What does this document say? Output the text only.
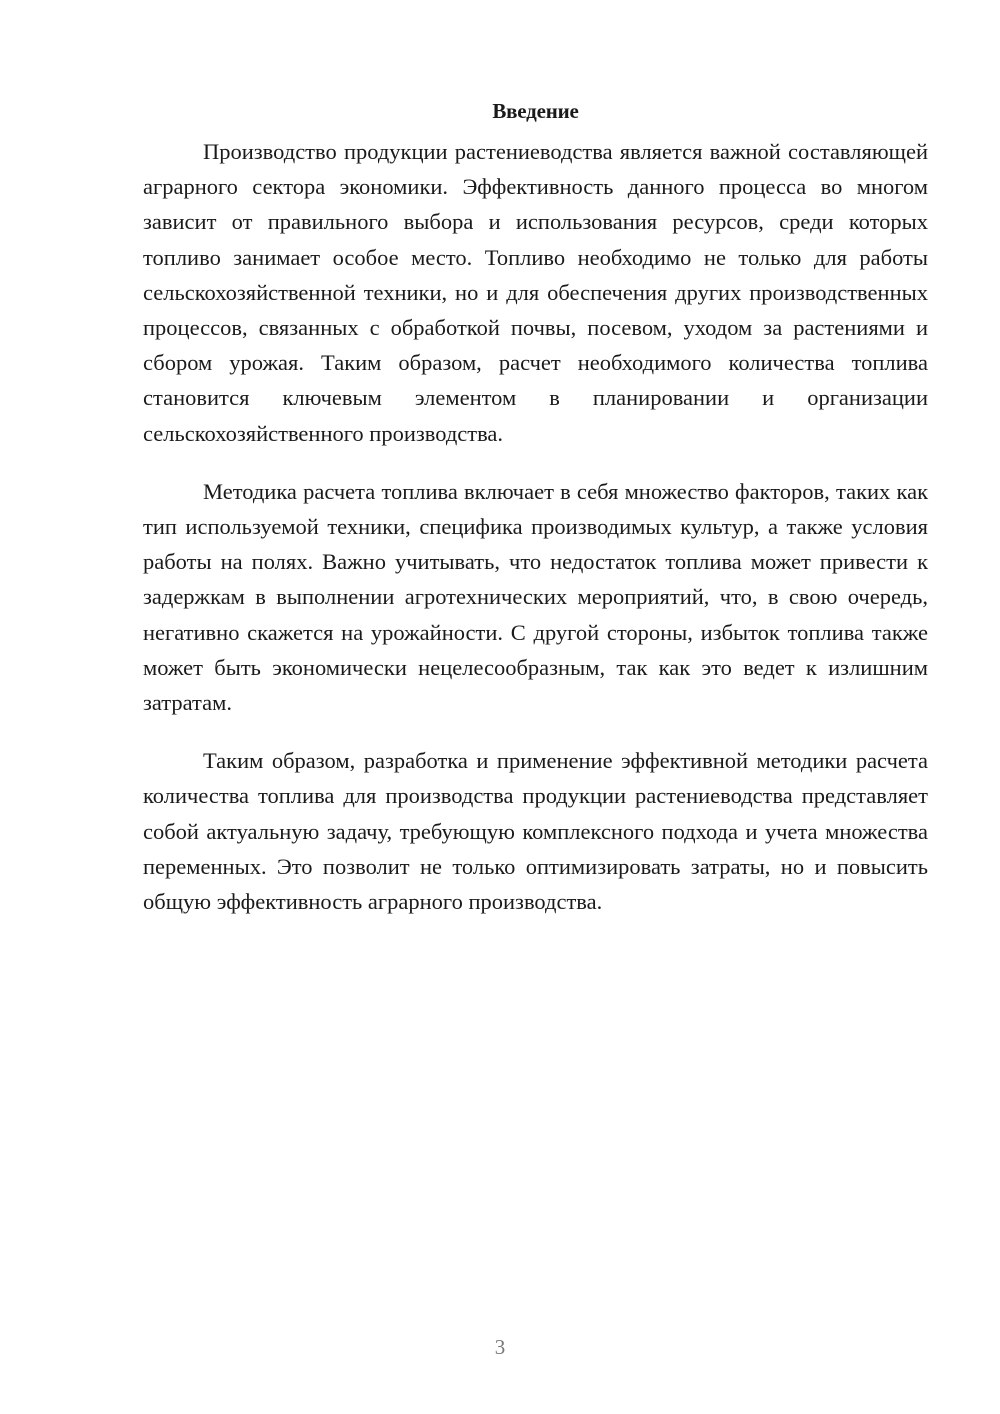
Введение

Производство продукции растениеводства является важной составляющей аграрного сектора экономики. Эффективность данного процесса во многом зависит от правильного выбора и использования ресурсов, среди которых топливо занимает особое место. Топливо необходимо не только для работы сельскохозяйственной техники, но и для обеспечения других производственных процессов, связанных с обработкой почвы, посевом, уходом за растениями и сбором урожая. Таким образом, расчет необходимого количества топлива становится ключевым элементом в планировании и организации сельскохозяйственного производства.

Методика расчета топлива включает в себя множество факторов, таких как тип используемой техники, специфика производимых культур, а также условия работы на полях. Важно учитывать, что недостаток топлива может привести к задержкам в выполнении агротехнических мероприятий, что, в свою очередь, негативно скажется на урожайности. С другой стороны, избыток топлива также может быть экономически нецелесообразным, так как это ведет к излишним затратам.

Таким образом, разработка и применение эффективной методики расчета количества топлива для производства продукции растениеводства представляет собой актуальную задачу, требующую комплексного подхода и учета множества переменных. Это позволит не только оптимизировать затраты, но и повысить общую эффективность аграрного производства.

3
